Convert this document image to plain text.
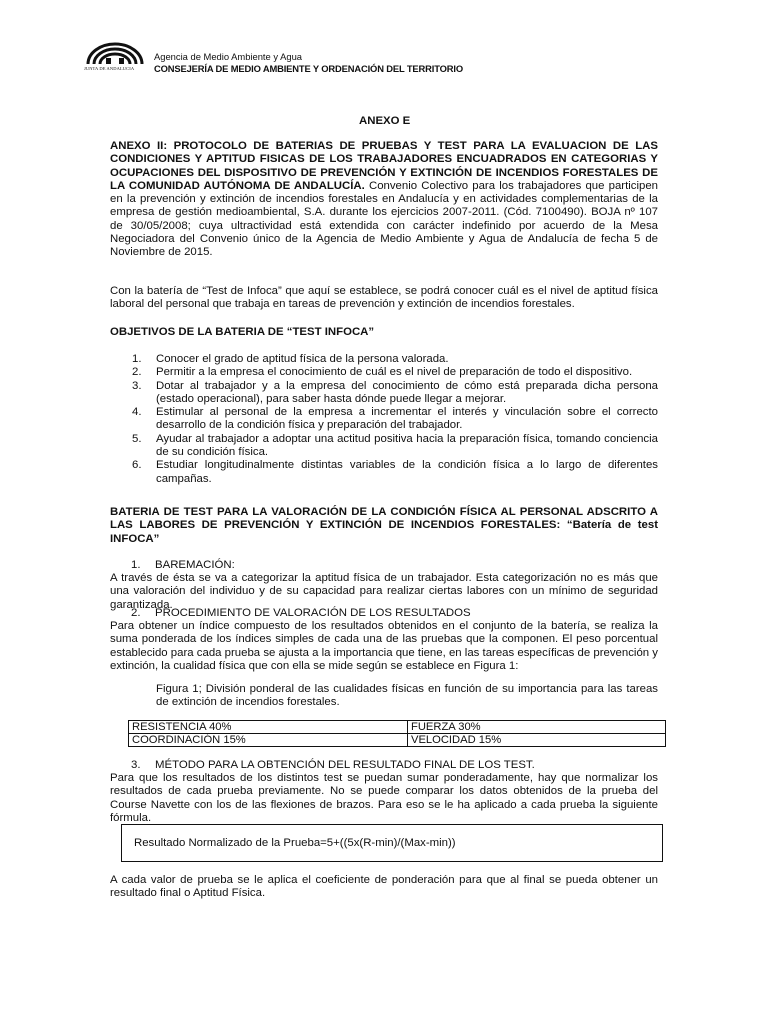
JUNTA DE ANDALUCIA
Agencia de Medio Ambiente y Agua
CONSEJERÍA DE MEDIO AMBIENTE Y ORDENACIÓN DEL TERRITORIO
ANEXO E
ANEXO II: PROTOCOLO DE BATERIAS DE PRUEBAS Y TEST PARA LA EVALUACION DE LAS CONDICIONES Y APTITUD FISICAS DE LOS TRABAJADORES ENCUADRADOS EN CATEGORIAS Y OCUPACIONES DEL DISPOSITIVO DE PREVENCIÓN Y EXTINCIÓN DE INCENDIOS FORESTALES DE LA COMUNIDAD AUTÓNOMA DE ANDALUCÍA. Convenio Colectivo para los trabajadores que participen en la prevención y extinción de incendios forestales en Andalucía y en actividades complementarias de la empresa de gestión medioambiental, S.A. durante los ejercicios 2007-2011. (Cód. 7100490). BOJA nº 107 de 30/05/2008; cuya ultractividad está extendida con carácter indefinido por acuerdo de la Mesa Negociadora del Convenio único de la Agencia de Medio Ambiente y Agua de Andalucía de fecha 5 de Noviembre de 2015.
Con la batería de “Test de Infoca” que aquí se establece, se podrá conocer cuál es el nivel de aptitud física laboral del personal que trabaja en tareas de prevención y extinción de incendios forestales.
OBJETIVOS DE LA BATERIA DE “TEST INFOCA”
1. Conocer el grado de aptitud física de la persona valorada.
2. Permitir a la empresa el conocimiento de cuál es el nivel de preparación de todo el dispositivo.
3. Dotar al trabajador y a la empresa del conocimiento de cómo está preparada dicha persona (estado operacional), para saber hasta dónde puede llegar a mejorar.
4. Estimular al personal de la empresa a incrementar el interés y vinculación sobre el correcto desarrollo de la condición física y preparación del trabajador.
5. Ayudar al trabajador a adoptar una actitud positiva hacia la preparación física, tomando conciencia de su condición física.
6. Estudiar longitudinalmente distintas variables de la condición física a lo largo de diferentes campañas.
BATERIA DE TEST PARA LA VALORACIÓN DE LA CONDICIÓN FÍSICA AL PERSONAL ADSCRITO A LAS LABORES DE PREVENCIÓN Y EXTINCIÓN DE INCENDIOS FORESTALES: “Batería de test INFOCA”
1. BAREMACIÓN:
A través de ésta se va a categorizar la aptitud física de un trabajador. Esta categorización no es más que una valoración del individuo y de su capacidad para realizar ciertas labores con un mínimo de seguridad garantizada.
2. PROCEDIMIENTO DE VALORACIÓN DE LOS RESULTADOS
Para obtener un índice compuesto de los resultados obtenidos en el conjunto de la batería, se realiza la suma ponderada de los índices simples de cada una de las pruebas que la componen. El peso porcentual establecido para cada prueba se ajusta a la importancia que tiene, en las tareas específicas de prevención y extinción, la cualidad física que con ella se mide según se establece en Figura 1:
Figura 1; División ponderal de las cualidades físicas en función de su importancia para las tareas de extinción de incendios forestales.
RESISTENCIA 40%	FUERZA 30%
COORDINACIÓN 15%	VELOCIDAD 15%
3. MÉTODO PARA LA OBTENCIÓN DEL RESULTADO FINAL DE LOS TEST.
Para que los resultados de los distintos test se puedan sumar ponderadamente, hay que normalizar los resultados de cada prueba previamente. No se puede comparar los datos obtenidos de la prueba del Course Navette con los de las flexiones de brazos. Para eso se le ha aplicado a cada prueba la siguiente fórmula.
Resultado Normalizado de la Prueba=5+((5x(R-min)/(Max-min))
A cada valor de prueba se le aplica el coeficiente de ponderación para que al final se pueda obtener un resultado final o Aptitud Física.
